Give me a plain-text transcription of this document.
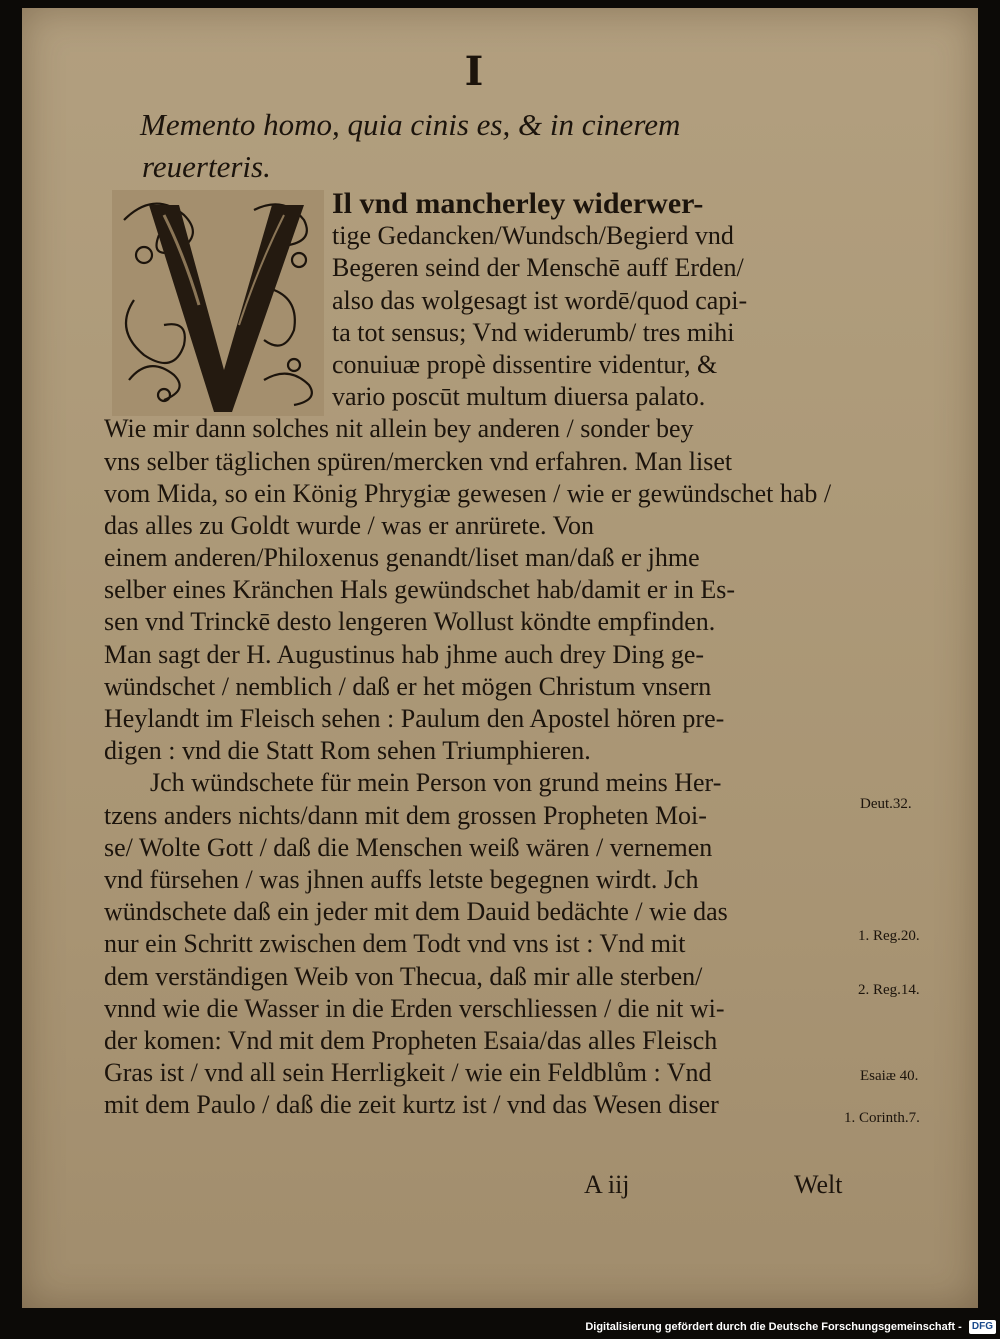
I
Memento homo, quia cinis es, & in cinerem
reuerteris.
Il vnd mancherley widerwer-
tige Gedancken/Wundsch/Begierd vnd
Begeren seind der Menschē auff Erden/
also das wolgesagt ist wordē/quod capi-
ta tot sensus; Vnd widerumb/ tres mihi
conuiuæ propè dissentire videntur, &
vario poscūt multum diuersa palato.
Wie mir dann solches nit allein bey anderen / sonder bey
vns selber täglichen spüren/mercken vnd erfahren. Man liset
vom Mida, so ein König Phrygiæ gewesen / wie er gewündschet hab / das alles zu Goldt wurde / was er anrürete. Von
einem anderen/Philoxenus genandt/liset man/daß er jhme
selber eines Kränchen Hals gewündschet hab/damit er in Es-
sen vnd Trinckē desto lengeren Wollust köndte empfinden.
Man sagt der H. Augustinus hab jhme auch drey Ding ge-
wündschet / nemblich / daß er het mögen Christum vnsern
Heylandt im Fleisch sehen : Paulum den Apostel hören pre-
digen : vnd die Statt Rom sehen Triumphieren.
Jch wündschete für mein Person von grund meins Her-
tzens anders nichts/dann mit dem grossen Propheten Moi-
se/ Wolte Gott / daß die Menschen weiß wären / vernemen
vnd fürsehen / was jhnen auffs letste begegnen wirdt. Jch
wündschete daß ein jeder mit dem Dauid bedächte / wie das
nur ein Schritt zwischen dem Todt vnd vns ist : Vnd mit
dem verständigen Weib von Thecua, daß mir alle sterben/
vnnd wie die Wasser in die Erden verschliessen / die nit wi-
der komen: Vnd mit dem Propheten Esaia/das alles Fleisch
Gras ist / vnd all sein Herrligkeit / wie ein Feldblům : Vnd
mit dem Paulo / daß die zeit kurtz ist / vnd das Wesen diser
Deut.32.
1. Reg.20.
2. Reg.14.
Esaiæ 40.
1. Corinth.7.
A iij	Welt
Digitalisierung gefördert durch die Deutsche Forschungsgemeinschaft - DFG
